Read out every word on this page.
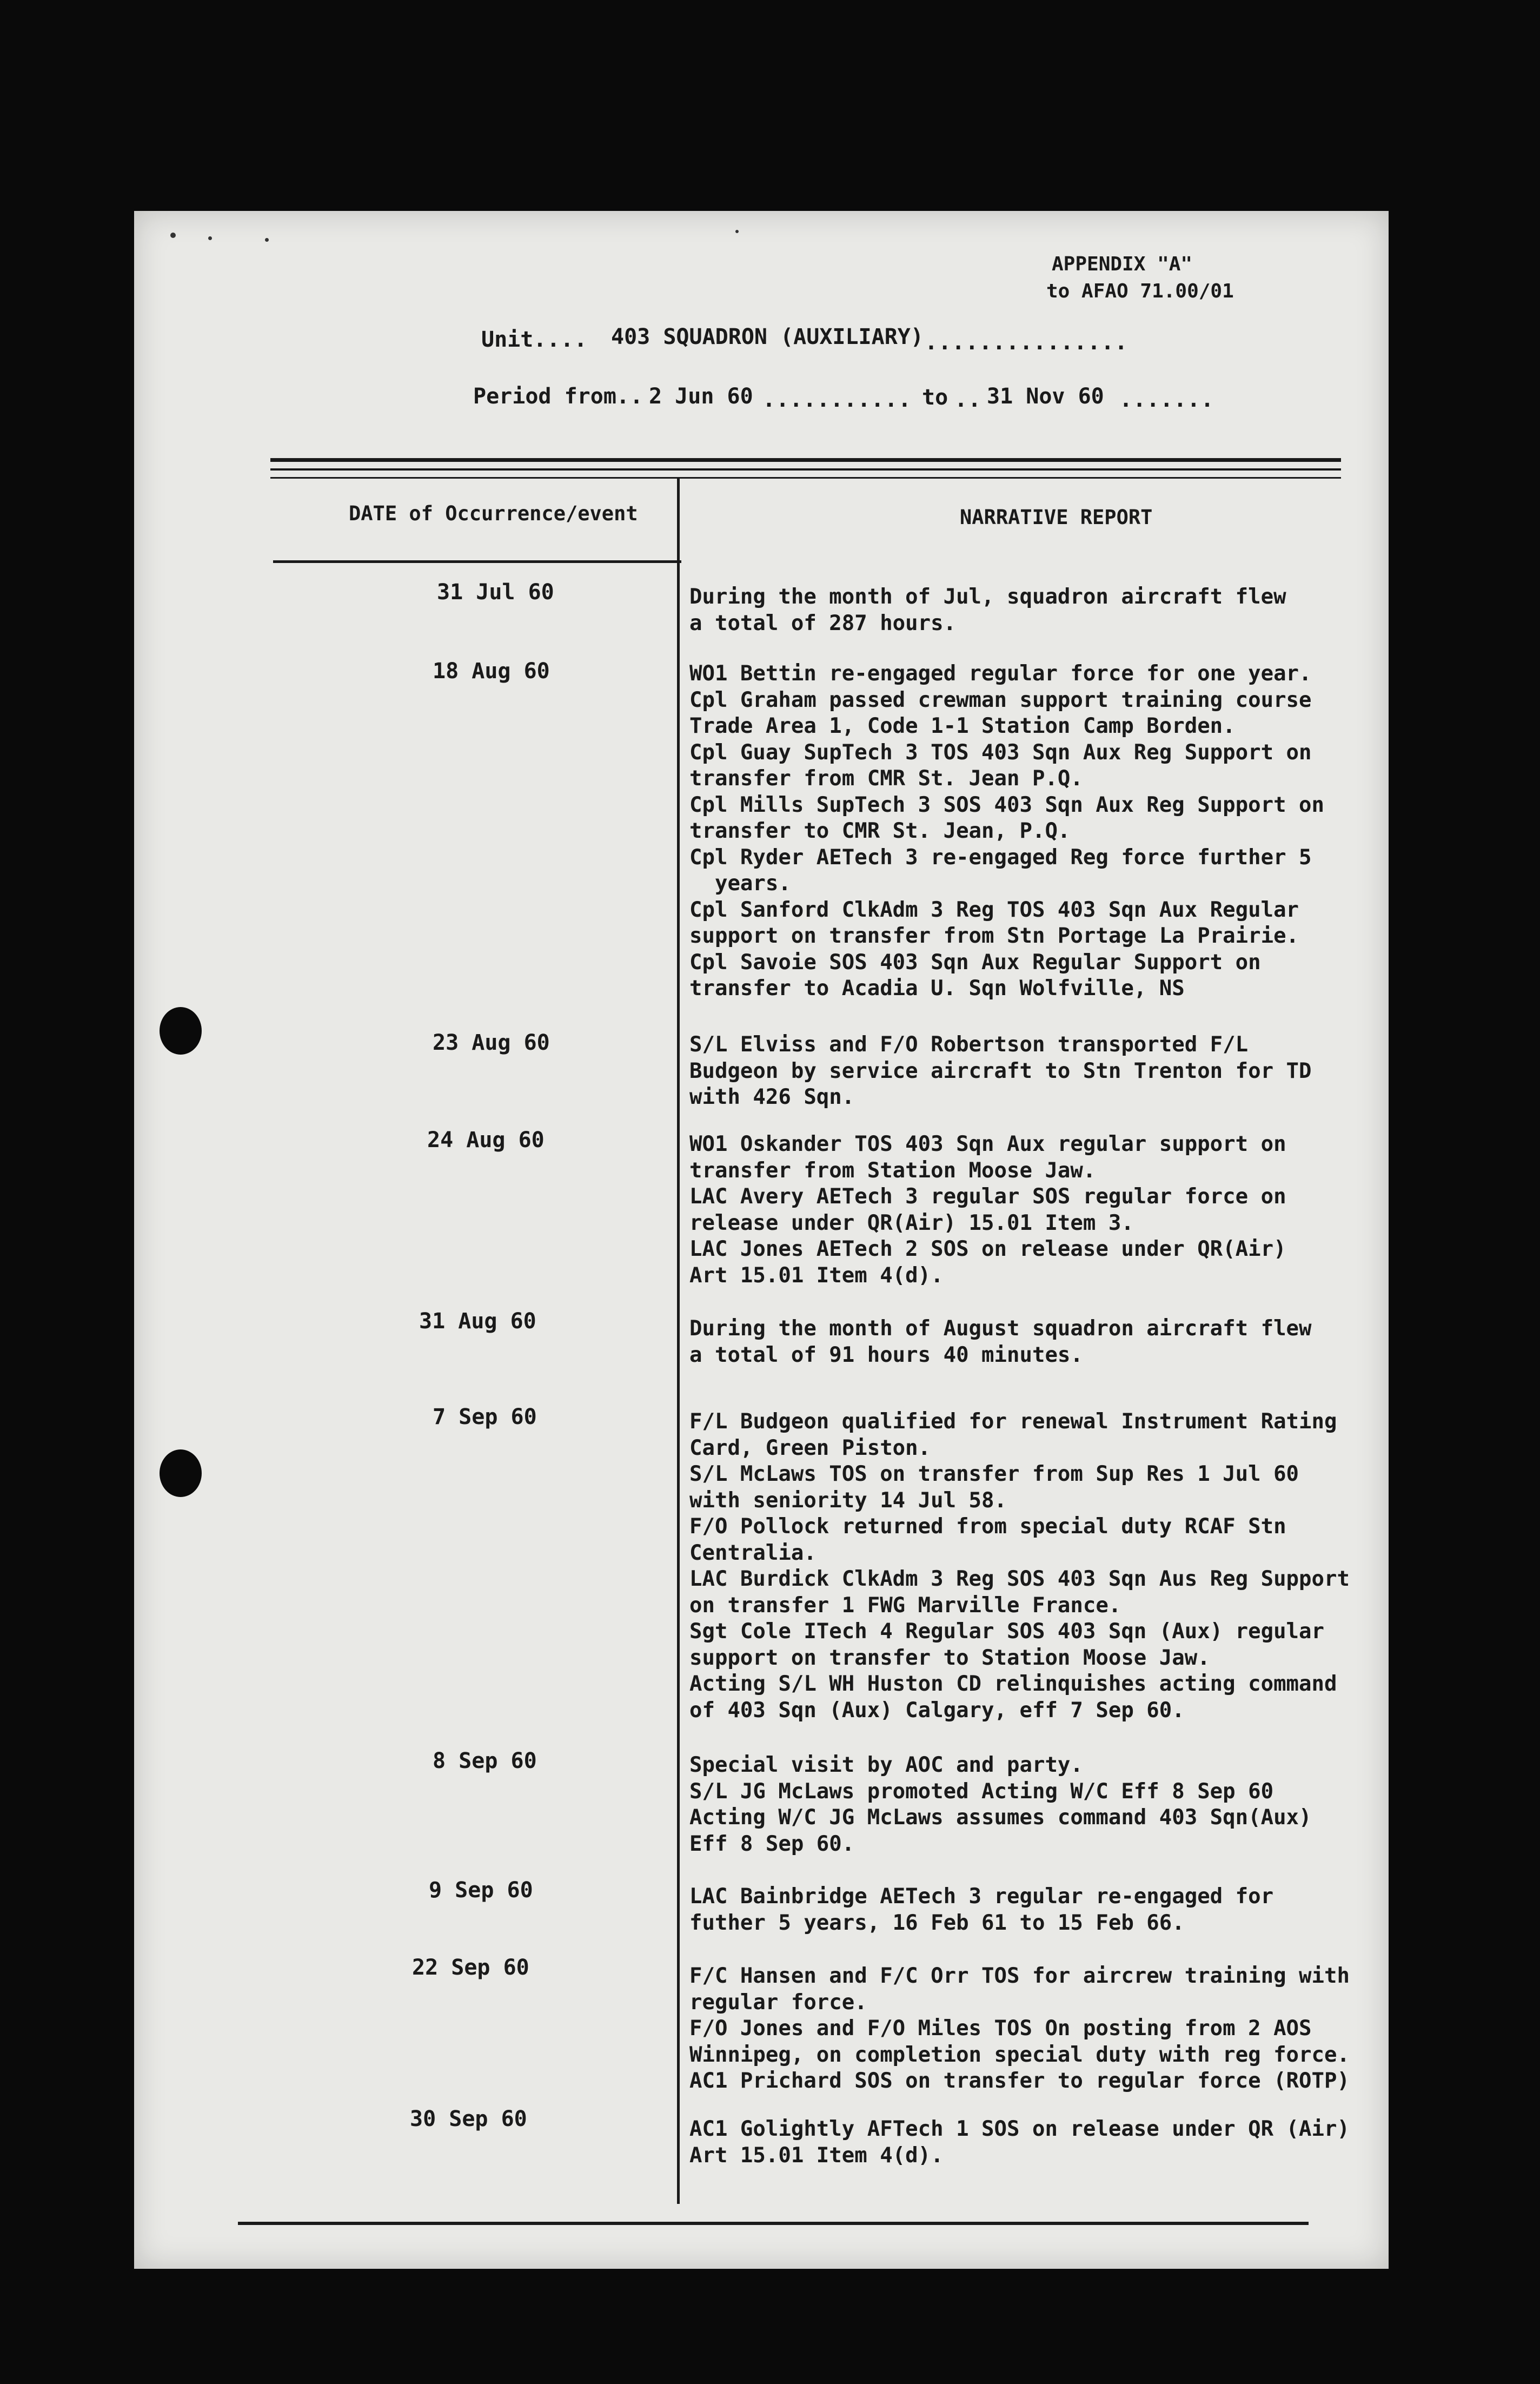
APPENDIX "A"
to AFAO 71.00/01
Unit.... 403 SQUADRON (AUXILIARY) ...............
Period from.. 2 Jun 60 ........... to .. 31 Nov 60 .......
DATE of Occurrence/event	NARRATIVE REPORT
31 Jul 60	During the month of Jul, squadron aircraft flew
a total of 287 hours.
18 Aug 60	WO1 Bettin re-engaged regular force for one year.
Cpl Graham passed crewman support training course
Trade Area 1, Code 1-1 Station Camp Borden.
Cpl Guay SupTech 3 TOS 403 Sqn Aux Reg Support on
transfer from CMR St. Jean P.Q.
Cpl Mills SupTech 3 SOS 403 Sqn Aux Reg Support on
transfer to CMR St. Jean, P.Q.
Cpl Ryder AETech 3 re-engaged Reg force further 5
years.
Cpl Sanford ClkAdm 3 Reg TOS 403 Sqn Aux Regular
support on transfer from Stn Portage La Prairie.
Cpl Savoie SOS 403 Sqn Aux Regular Support on
transfer to Acadia U. Sqn Wolfville, NS
23 Aug 60	S/L Elviss and F/O Robertson transported F/L
Budgeon by service aircraft to Stn Trenton for TD
with 426 Sqn.
24 Aug 60	WO1 Oskander TOS 403 Sqn Aux regular support on
transfer from Station Moose Jaw.
LAC Avery AETech 3 regular SOS regular force on
release under QR(Air) 15.01 Item 3.
LAC Jones AETech 2 SOS on release under QR(Air)
Art 15.01 Item 4(d).
31 Aug 60	During the month of August squadron aircraft flew
a total of 91 hours 40 minutes.
7 Sep 60	F/L Budgeon qualified for renewal Instrument Rating
Card, Green Piston.
S/L McLaws TOS on transfer from Sup Res 1 Jul 60
with seniority 14 Jul 58.
F/O Pollock returned from special duty RCAF Stn
Centralia.
LAC Burdick ClkAdm 3 Reg SOS 403 Sqn Aus Reg Support
on transfer 1 FWG Marville France.
Sgt Cole ITech 4 Regular SOS 403 Sqn (Aux) regular
support on transfer to Station Moose Jaw.
Acting S/L WH Huston CD relinquishes acting command
of 403 Sqn (Aux) Calgary, eff 7 Sep 60.
8 Sep 60	Special visit by AOC and party.
S/L JG McLaws promoted Acting W/C Eff 8 Sep 60
Acting W/C JG McLaws assumes command 403 Sqn(Aux)
Eff 8 Sep 60.
9 Sep 60	LAC Bainbridge AETech 3 regular re-engaged for
futher 5 years, 16 Feb 61 to 15 Feb 66.
22 Sep 60	F/C Hansen and F/C Orr TOS for aircrew training with
regular force.
F/O Jones and F/O Miles TOS On posting from 2 AOS
Winnipeg, on completion special duty with reg force.
AC1 Prichard SOS on transfer to regular force (ROTP)
30 Sep 60	AC1 Golightly AFTech 1 SOS on release under QR (Air)
Art 15.01 Item 4(d).
